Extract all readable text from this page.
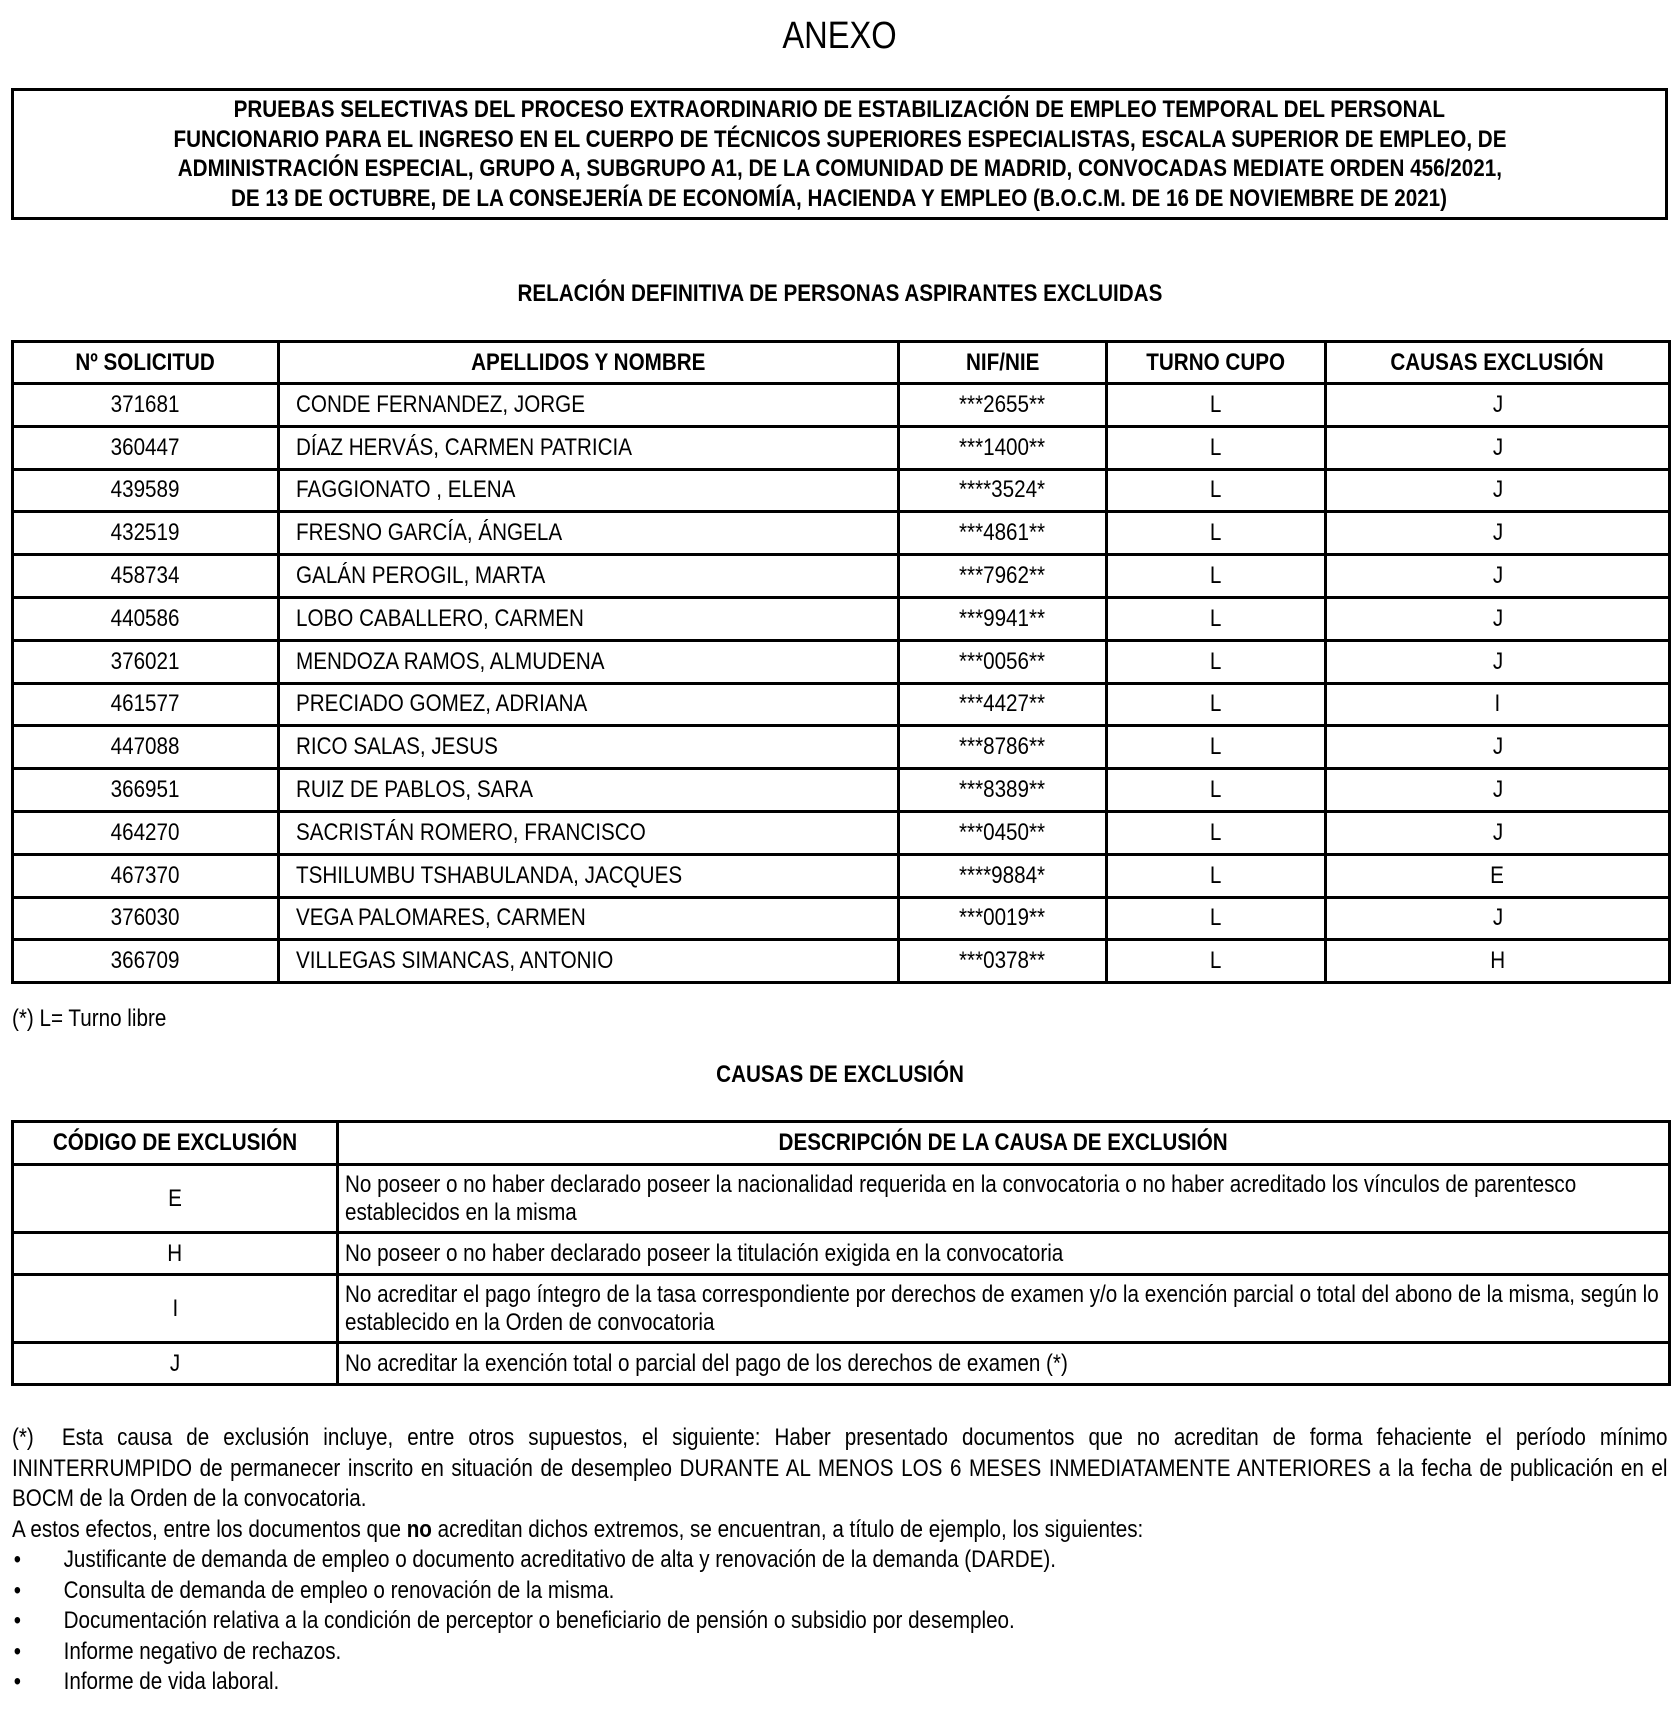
ANEXO
PRUEBAS SELECTIVAS DEL PROCESO EXTRAORDINARIO DE ESTABILIZACIÓN DE EMPLEO TEMPORAL DEL PERSONAL
FUNCIONARIO PARA EL INGRESO EN EL CUERPO DE TÉCNICOS SUPERIORES ESPECIALISTAS, ESCALA SUPERIOR DE EMPLEO, DE
ADMINISTRACIÓN ESPECIAL, GRUPO A, SUBGRUPO A1, DE LA COMUNIDAD DE MADRID, CONVOCADAS MEDIATE ORDEN 456/2021,
DE 13 DE OCTUBRE, DE LA CONSEJERÍA DE ECONOMÍA, HACIENDA Y EMPLEO (B.O.C.M. DE 16 DE NOVIEMBRE DE 2021)
RELACIÓN DEFINITIVA DE PERSONAS ASPIRANTES EXCLUIDAS
Nº SOLICITUD	APELLIDOS Y NOMBRE	NIF/NIE	TURNO CUPO	CAUSAS EXCLUSIÓN
371681	CONDE FERNANDEZ, JORGE	***2655**	L	J
360447	DÍAZ HERVÁS, CARMEN PATRICIA	***1400**	L	J
439589	FAGGIONATO , ELENA	****3524*	L	J
432519	FRESNO GARCÍA, ÁNGELA	***4861**	L	J
458734	GALÁN PEROGIL, MARTA	***7962**	L	J
440586	LOBO CABALLERO, CARMEN	***9941**	L	J
376021	MENDOZA RAMOS, ALMUDENA	***0056**	L	J
461577	PRECIADO GOMEZ, ADRIANA	***4427**	L	I
447088	RICO SALAS, JESUS	***8786**	L	J
366951	RUIZ DE PABLOS, SARA	***8389**	L	J
464270	SACRISTÁN ROMERO, FRANCISCO	***0450**	L	J
467370	TSHILUMBU TSHABULANDA, JACQUES	****9884*	L	E
376030	VEGA PALOMARES, CARMEN	***0019**	L	J
366709	VILLEGAS SIMANCAS, ANTONIO	***0378**	L	H
(*) L= Turno libre
CAUSAS DE EXCLUSIÓN
CÓDIGO DE EXCLUSIÓN	DESCRIPCIÓN DE LA CAUSA DE EXCLUSIÓN
E	No poseer o no haber declarado poseer la nacionalidad requerida en la convocatoria o no haber acreditado los vínculos de parentesco establecidos en la misma

H	No poseer o no haber declarado poseer la titulación exigida en la convocatoria

I	No acreditar el pago íntegro de la tasa correspondiente por derechos de examen y/o la exención parcial o total del abono de la misma, según lo establecido en la Orden de convocatoria

J	No acreditar la exención total o parcial del pago de los derechos de examen (*)
(*) Esta causa de exclusión incluye, entre otros supuestos, el siguiente: Haber presentado documentos que no acreditan de forma fehaciente el período mínimo ININTERRUMPIDO de permanecer inscrito en situación de desempleo DURANTE AL MENOS LOS 6 MESES INMEDIATAMENTE ANTERIORES a la fecha de publicación en el BOCM de la Orden de la convocatoria.
A estos efectos, entre los documentos que no acreditan dichos extremos, se encuentran, a título de ejemplo, los siguientes:
• Justificante de demanda de empleo o documento acreditativo de alta y renovación de la demanda (DARDE).
• Consulta de demanda de empleo o renovación de la misma.
• Documentación relativa a la condición de perceptor o beneficiario de pensión o subsidio por desempleo.
• Informe negativo de rechazos.
• Informe de vida laboral.
